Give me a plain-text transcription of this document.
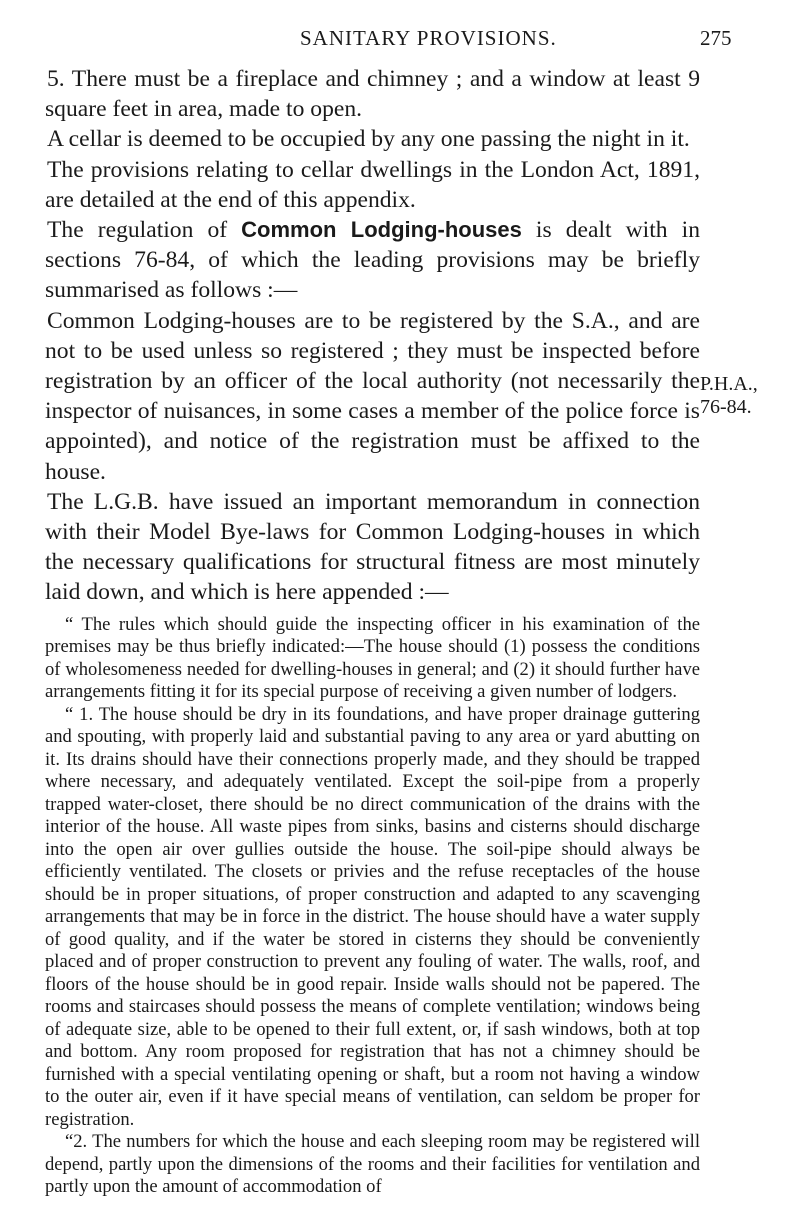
SANITARY PROVISIONS.	275
P.H.A.,
76-84.

5. There must be a fireplace and chimney ; and a window at least 9 square feet in area, made to open.

A cellar is deemed to be occupied by any one passing the night in it.

The provisions relating to cellar dwellings in the London Act, 1891, are detailed at the end of this appendix.

The regulation of Common Lodging-houses is dealt with in sections 76-84, of which the leading provisions may be briefly summarised as follows :—

Common Lodging-houses are to be registered by the S.A., and are not to be used unless so registered ; they must be inspected before registration by an officer of the local authority (not necessarily the inspector of nuisances, in some cases a member of the police force is appointed), and notice of the registration must be affixed to the house.

The L.G.B. have issued an important memorandum in connection with their Model Bye-laws for Common Lodging-houses in which the necessary qualifications for structural fitness are most minutely laid down, and which is here appended :—

“ The rules which should guide the inspecting officer in his examination of the premises may be thus briefly indicated:—The house should (1) possess the conditions of wholesomeness needed for dwelling-houses in general; and (2) it should further have arrangements fitting it for its special purpose of receiving a given number of lodgers.

“ 1. The house should be dry in its foundations, and have proper drainage guttering and spouting, with properly laid and substantial paving to any area or yard abutting on it. Its drains should have their connections properly made, and they should be trapped where necessary, and adequately ventilated. Except the soil-pipe from a properly trapped water-closet, there should be no direct communication of the drains with the interior of the house. All waste pipes from sinks, basins and cisterns should discharge into the open air over gullies outside the house. The soil-pipe should always be efficiently ventilated. The closets or privies and the refuse receptacles of the house should be in proper situations, of proper construction and adapted to any scavenging arrangements that may be in force in the district. The house should have a water supply of good quality, and if the water be stored in cisterns they should be conveniently placed and of proper construction to prevent any fouling of water. The walls, roof, and floors of the house should be in good repair. Inside walls should not be papered. The rooms and staircases should possess the means of complete ventilation; windows being of adequate size, able to be opened to their full extent, or, if sash windows, both at top and bottom. Any room proposed for registration that has not a chimney should be furnished with a special ventilating opening or shaft, but a room not having a window to the outer air, even if it have special means of ventilation, can seldom be proper for registration.

“2. The numbers for which the house and each sleeping room may be registered will depend, partly upon the dimensions of the rooms and their facilities for ventilation and partly upon the amount of accommodation of
